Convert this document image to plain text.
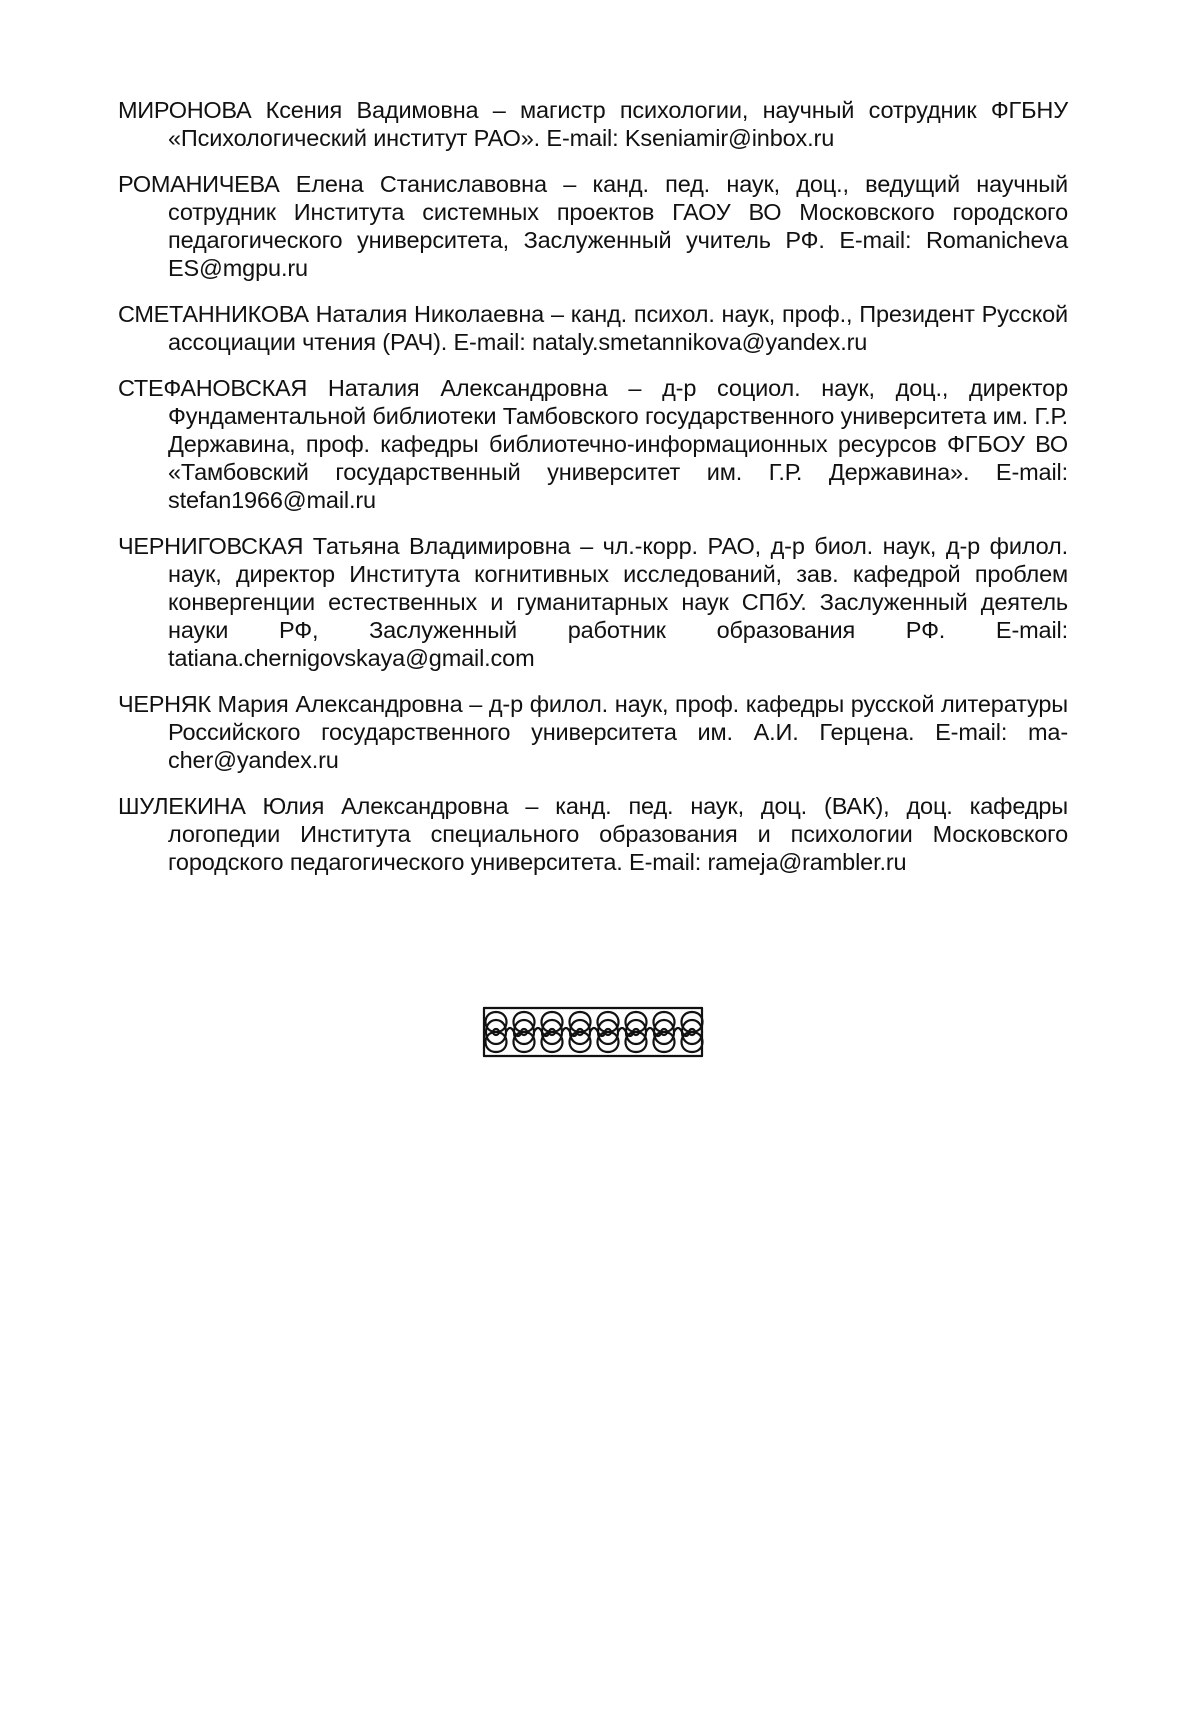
МИРОНОВА Ксения Вадимовна – магистр психологии, научный сотрудник ФГБНУ «Психологический институт РАО». E-mail: Kseniamir@inbox.ru

РОМАНИЧЕВА Елена Станиславовна – канд. пед. наук, доц., ведущий научный сотрудник Института системных проектов ГАОУ ВО Московского городского педагогического университета, Заслуженный учитель РФ. E-mail: Romanicheva ES@mgpu.ru

СМЕТАННИКОВА Наталия Николаевна – канд. психол. наук, проф., Президент Русской ассоциации чтения (РАЧ). E-mail: nataly.smetannikova@yandex.ru

СТЕФАНОВСКАЯ Наталия Александровна – д-р социол. наук, доц., директор Фундаментальной библиотеки Тамбовского государственного университета им. Г.Р. Державина, проф. кафедры библиотечно-информационных ресурсов ФГБОУ ВО «Тамбовский государственный университет им. Г.Р. Державина». E-mail: stefan1966@mail.ru

ЧЕРНИГОВСКАЯ Татьяна Владимировна – чл.-корр. РАО, д-р биол. наук, д-р филол. наук, директор Института когнитивных исследований, зав. кафедрой проблем конвергенции естественных и гуманитарных наук СПбУ. Заслуженный деятель науки РФ, Заслуженный работник образования РФ. E-mail: tatiana.chernigovskaya@gmail.com

ЧЕРНЯК Мария Александровна – д-р филол. наук, проф. кафедры русской литературы Российского государственного университета им. А.И. Герцена. E-mail: ma-cher@yandex.ru

ШУЛЕКИНА Юлия Александровна – канд. пед. наук, доц. (ВАК), доц. кафедры логопедии Института специального образования и психологии Московского городского педагогического университета. E-mail: rameja@rambler.ru
